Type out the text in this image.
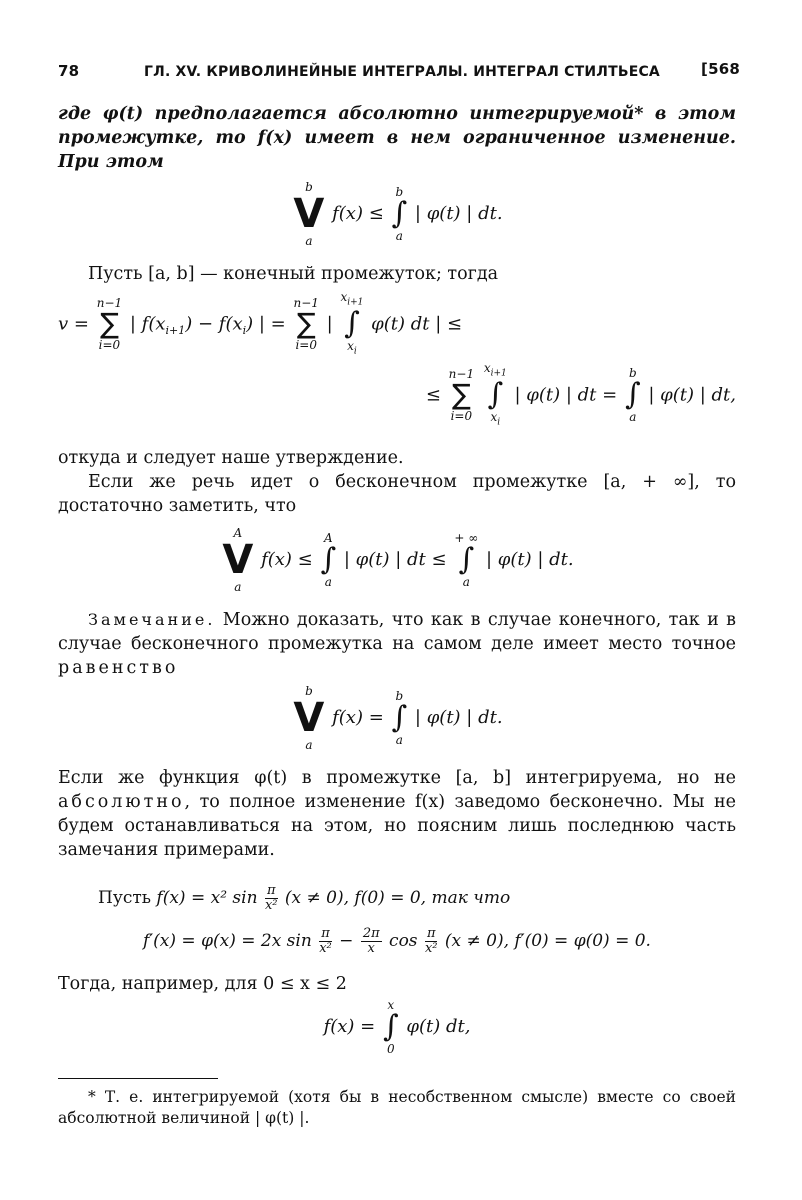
78	ГЛ. XV. КРИВОЛИНЕЙНЫЕ ИНТЕГРАЛЫ. ИНТЕГРАЛ СТИЛТЬЕСА	[568

где φ(t) предполагается абсолютно интегрируемой* в этом промежутке, то f(x) имеет в нем ограниченное изменение. При этом

b
V
a
f(x) ≤
b
∫
a
| φ(t) | dt.

Пусть [a, b] — конечный промежуток; тогда

v =
n−1
∑
i=0
| $f(x_{i+1}) - f(x_i)$ | =
n−1
∑
i=0
|
$x_{i+1}$
∫
$x_i$
φ(t) dt | ≤
≤
n−1
∑
i=0

$x_{i+1}$
∫
$x_i$
| φ(t) | dt =
b
∫
a
| φ(t) | dt,

откуда и следует наше утверждение.

Если же речь идет о бесконечном промежутке [a, + ∞], то достаточно заметить, что

A
V
a
f(x) ≤
A
∫
a
| φ(t) | dt ≤
+ ∞
∫
a
| φ(t) | dt.

Замечание. Можно доказать, что как в случае конечного, так и в случае бесконечного промежутка на самом деле имеет место точное равенство

b
V
a
f(x) =
b
∫
a
| φ(t) | dt.

Если же функция φ(t) в промежутке [a, b] интегрируема, но не абсолютно, то полное изменение f(x) заведомо бесконечно. Мы не будем останавливаться на этом, но поясним лишь последнюю часть замечания примерами.

Пусть f(x) = x² $\sin \frac{\pi}{\text{x²}} (x \ne 0)$, f(0) = 0, так что
f′(x) = φ(x) = 2x $\sin \frac{\pi}{\text{x²}} - \frac{2\pi}{x}$ $\cos \frac{\pi}{\text{x²}} (x \ne 0)$, f′(0) = φ(0) = 0.

Тогда, например, для 0 ≤ x ≤ 2

f(x) =
x
∫
0
φ(t) dt,

* Т. е. интегрируемой (хотя бы в несобственном смысле) вместе со своей абсолютной величиной | φ(t) |.
